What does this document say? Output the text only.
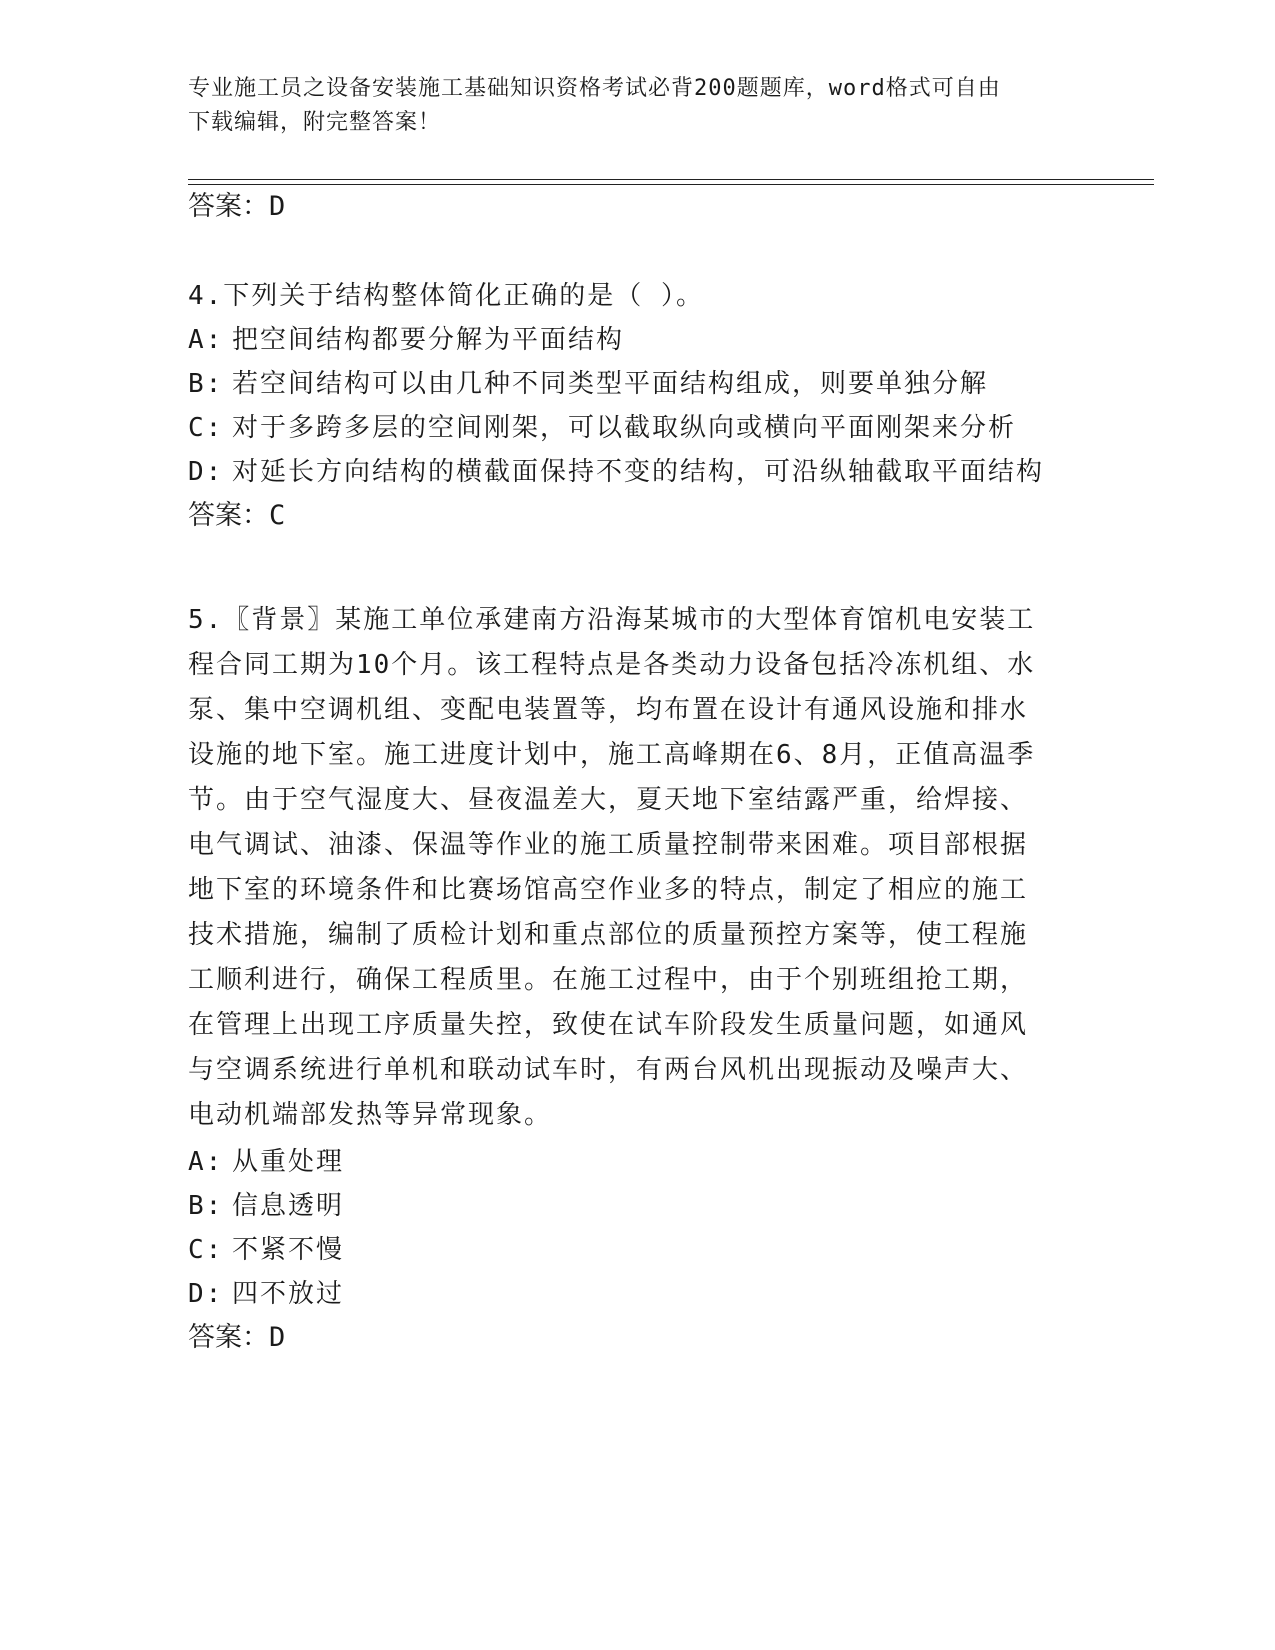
专业施工员之设备安装施工基础知识资格考试必背200题题库，word格式可自由
下载编辑，附完整答案！
答案：D
4.下列关于结构整体简化正确的是（ ）。
A: 把空间结构都要分解为平面结构
B: 若空间结构可以由几种不同类型平面结构组成，则要单独分解
C: 对于多跨多层的空间刚架，可以截取纵向或横向平面刚架来分析
D: 对延长方向结构的横截面保持不变的结构，可沿纵轴截取平面结构
答案：C
5.〖背景〗某施工单位承建南方沿海某城市的大型体育馆机电安装工
程合同工期为10个月。该工程特点是各类动力设备包括冷冻机组、水
泵、集中空调机组、变配电装置等，均布置在设计有通风设施和排水
设施的地下室。施工进度计划中，施工高峰期在6、8月，正值高温季
节。由于空气湿度大、昼夜温差大，夏天地下室结露严重，给焊接、
电气调试、油漆、保温等作业的施工质量控制带来困难。项目部根据
地下室的环境条件和比赛场馆高空作业多的特点，制定了相应的施工
技术措施，编制了质检计划和重点部位的质量预控方案等，使工程施
工顺利进行，确保工程质里。在施工过程中，由于个别班组抢工期，
在管理上出现工序质量失控，致使在试车阶段发生质量问题，如通风
与空调系统进行单机和联动试车时，有两台风机出现振动及噪声大、
电动机端部发热等异常现象。
A: 从重处理
B: 信息透明
C: 不紧不慢
D: 四不放过
答案：D
